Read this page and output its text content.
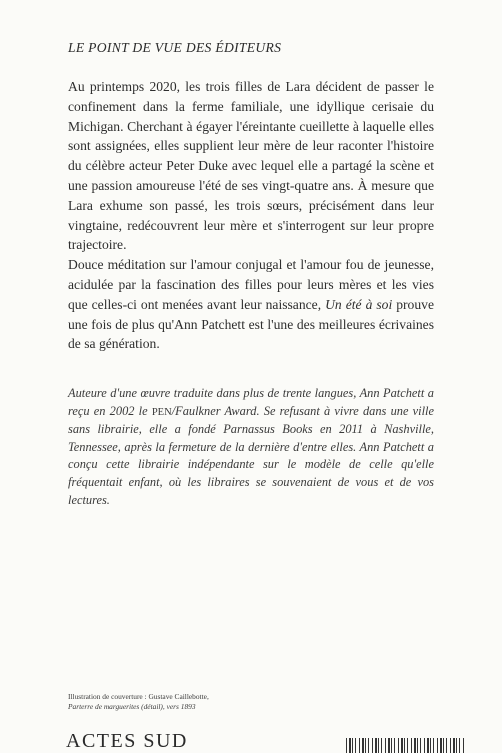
LE POINT DE VUE DES ÉDITEURS

Au printemps 2020, les trois filles de Lara décident de passer le confinement dans la ferme familiale, une idyllique cerisaie du Michigan. Cherchant à égayer l'éreintante cueillette à laquelle elles sont assignées, elles supplient leur mère de leur raconter l'histoire du célèbre acteur Peter Duke avec lequel elle a partagé la scène et une passion amoureuse l'été de ses vingt-quatre ans. À mesure que Lara exhume son passé, les trois sœurs, précisément dans leur vingtaine, redécouvrent leur mère et s'interrogent sur leur propre trajectoire.

Douce méditation sur l'amour conjugal et l'amour fou de jeunesse, acidulée par la fascination des filles pour leurs mères et les vies que celles-ci ont menées avant leur naissance, Un été à soi prouve une fois de plus qu'Ann Patchett est l'une des meilleures écrivaines de sa génération.

Auteure d'une œuvre traduite dans plus de trente langues, Ann Patchett a reçu en 2002 le PEN/Faulkner Award. Se refusant à vivre dans une ville sans librairie, elle a fondé Parnassus Books en 2011 à Nashville, Tennessee, après la fermeture de la dernière d'entre elles. Ann Patchett a conçu cette librairie indépendante sur le modèle de celle qu'elle fréquentait enfant, où les libraires se souvenaient de vous et de vos lectures.
Illustration de couverture : Gustave Caillebotte,
Parterre de marguerites (détail), vers 1893
ACTES SUD
